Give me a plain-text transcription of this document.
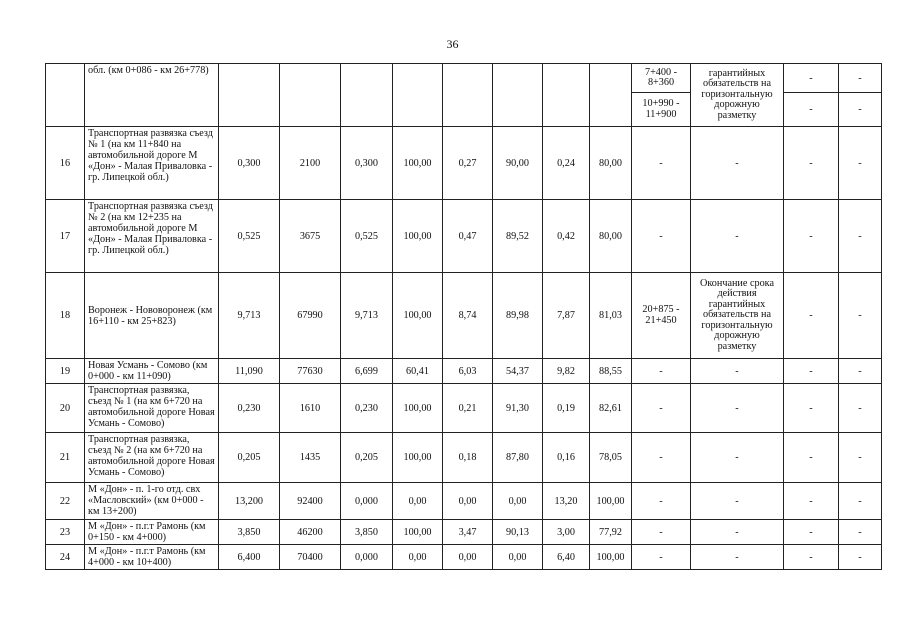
36
	обл. (км 0+086 - км 26+778)									7+400 - 8+360	гарантийных обязательств на горизонтальную дорожную разметку	-	-
										10+990 - 11+900		-	-
16	Транспортная развязка съезд № 1 (на км 11+840 на автомобильной дороге М «Дон» - Малая Приваловка - гр. Липецкой обл.)	0,300	2100	0,300	100,00	0,27	90,00	0,24	80,00	-	-	-	-
17	Транспортная развязка съезд № 2 (на км 12+235 на автомобильной дороге М «Дон» - Малая Приваловка - гр. Липецкой обл.)	0,525	3675	0,525	100,00	0,47	89,52	0,42	80,00	-	-	-	-
18	Воронеж - Нововоронеж (км 16+110 - км 25+823)	9,713	67990	9,713	100,00	8,74	89,98	7,87	81,03	20+875 - 21+450	Окончание срока действия гарантийных обязательств на горизонтальную дорожную разметку	-	-
19	Новая Усмань - Сомово (км 0+000 - км 11+090)	11,090	77630	6,699	60,41	6,03	54,37	9,82	88,55	-	-	-	-
20	Транспортная развязка, съезд № 1 (на км 6+720 на автомобильной дороге Новая Усмань - Сомово)	0,230	1610	0,230	100,00	0,21	91,30	0,19	82,61	-	-	-	-
21	Транспортная развязка, съезд № 2 (на км 6+720 на автомобильной дороге Новая Усмань - Сомово)	0,205	1435	0,205	100,00	0,18	87,80	0,16	78,05	-	-	-	-
22	М «Дон» - п. 1-го отд. свх «Масловский» (км 0+000 - км 13+200)	13,200	92400	0,000	0,00	0,00	0,00	13,20	100,00	-	-	-	-
23	М «Дон» - п.г.т Рамонь (км 0+150 - км 4+000)	3,850	46200	3,850	100,00	3,47	90,13	3,00	77,92	-	-	-	-
24	М «Дон» - п.г.т Рамонь (км 4+000 - км 10+400)	6,400	70400	0,000	0,00	0,00	0,00	6,40	100,00	-	-	-	-
